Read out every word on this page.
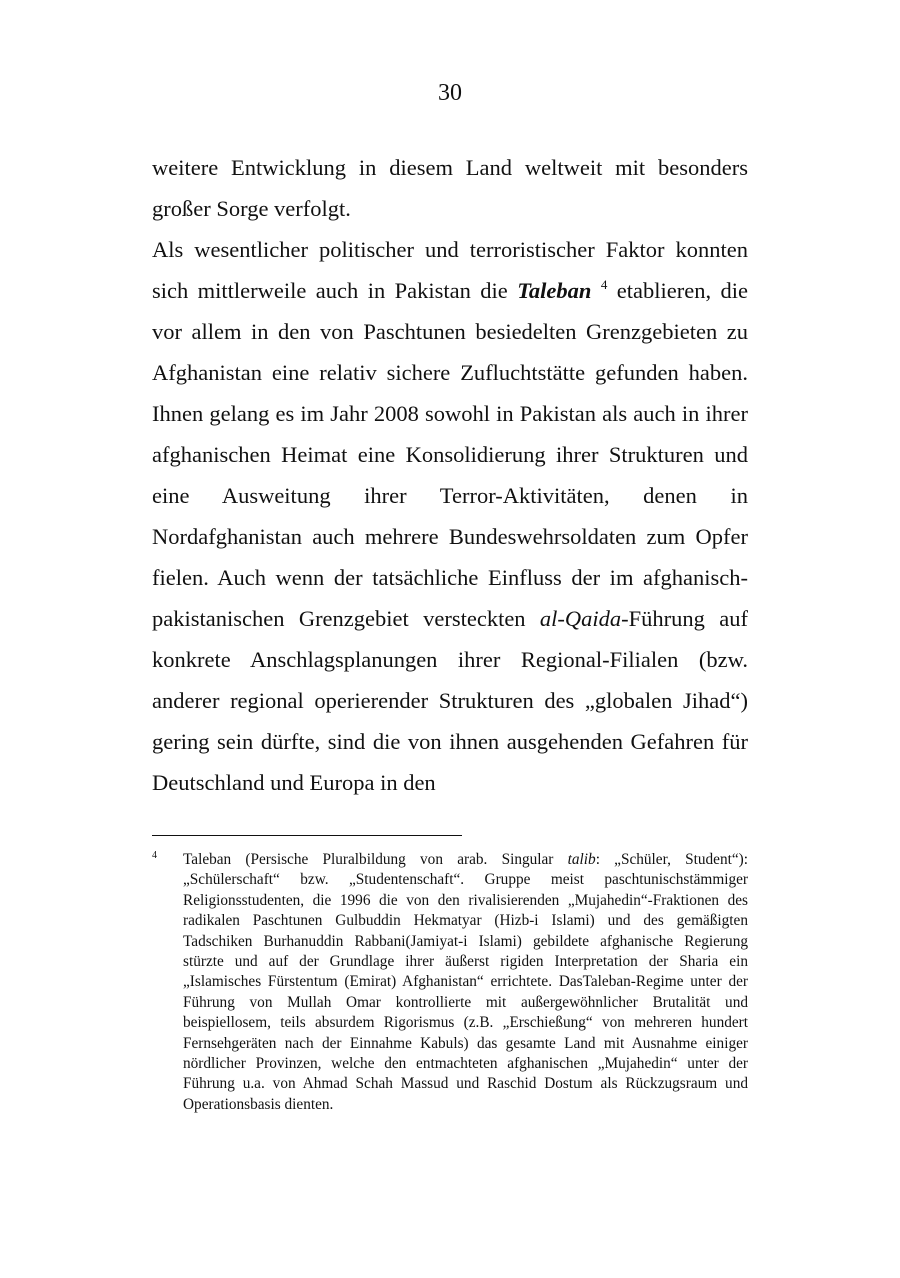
30

weitere Entwicklung in diesem Land weltweit mit besonders großer Sorge verfolgt.

Als wesentlicher politischer und terroristischer Faktor konnten sich mittlerweile auch in Pakistan die Taleban $^4$ etablieren, die vor allem in den von Paschtunen besiedelten Grenzgebieten zu Afghanistan eine relativ sichere Zufluchtstätte gefunden haben. Ihnen gelang es im Jahr 2008 sowohl in Pakistan als auch in ihrer afghanischen Heimat eine Konsolidierung ihrer Strukturen und eine Ausweitung ihrer Terror-Aktivitäten, denen in Nordafghanistan auch mehrere Bundeswehrsoldaten zum Opfer fielen. Auch wenn der tatsächliche Einfluss der im afghanisch-pakistanischen Grenzgebiet versteckten al-Qaida-Führung auf konkrete Anschlagsplanungen ihrer Regional-Filialen (bzw. anderer regional operierender Strukturen des „globalen Jihad“) gering sein dürfte, sind die von ihnen ausgehenden Gefahren für Deutschland und Europa in den

4 Taleban (Persische Pluralbildung von arab. Singular talib: „Schüler, Student“): „Schülerschaft“ bzw. „Studentenschaft“. Gruppe meist paschtunischstämmiger Religionsstudenten, die 1996 die von den rivalisierenden „Mujahedin“-Fraktionen des radikalen Paschtunen Gulbuddin Hekmatyar (Hizb-i Islami) und des gemäßigten Tadschiken Burhanuddin Rabbani(Jamiyat-i Islami) gebildete afghanische Regierung stürzte und auf der Grundlage ihrer äußerst rigiden Interpretation der Sharia ein „Islamisches Fürstentum (Emirat) Afghanistan“ errichtete. DasTaleban-Regime unter der Führung von Mullah Omar kontrollierte mit außergewöhnlicher Brutalität und beispiellosem, teils absurdem Rigorismus (z.B. „Erschießung“ von mehreren hundert Fernsehgeräten nach der Einnahme Kabuls) das gesamte Land mit Ausnahme einiger nördlicher Provinzen, welche den entmachteten afghanischen „Mujahedin“ unter der Führung u.a. von Ahmad Schah Massud und Raschid Dostum als Rückzugsraum und Operationsbasis dienten.
